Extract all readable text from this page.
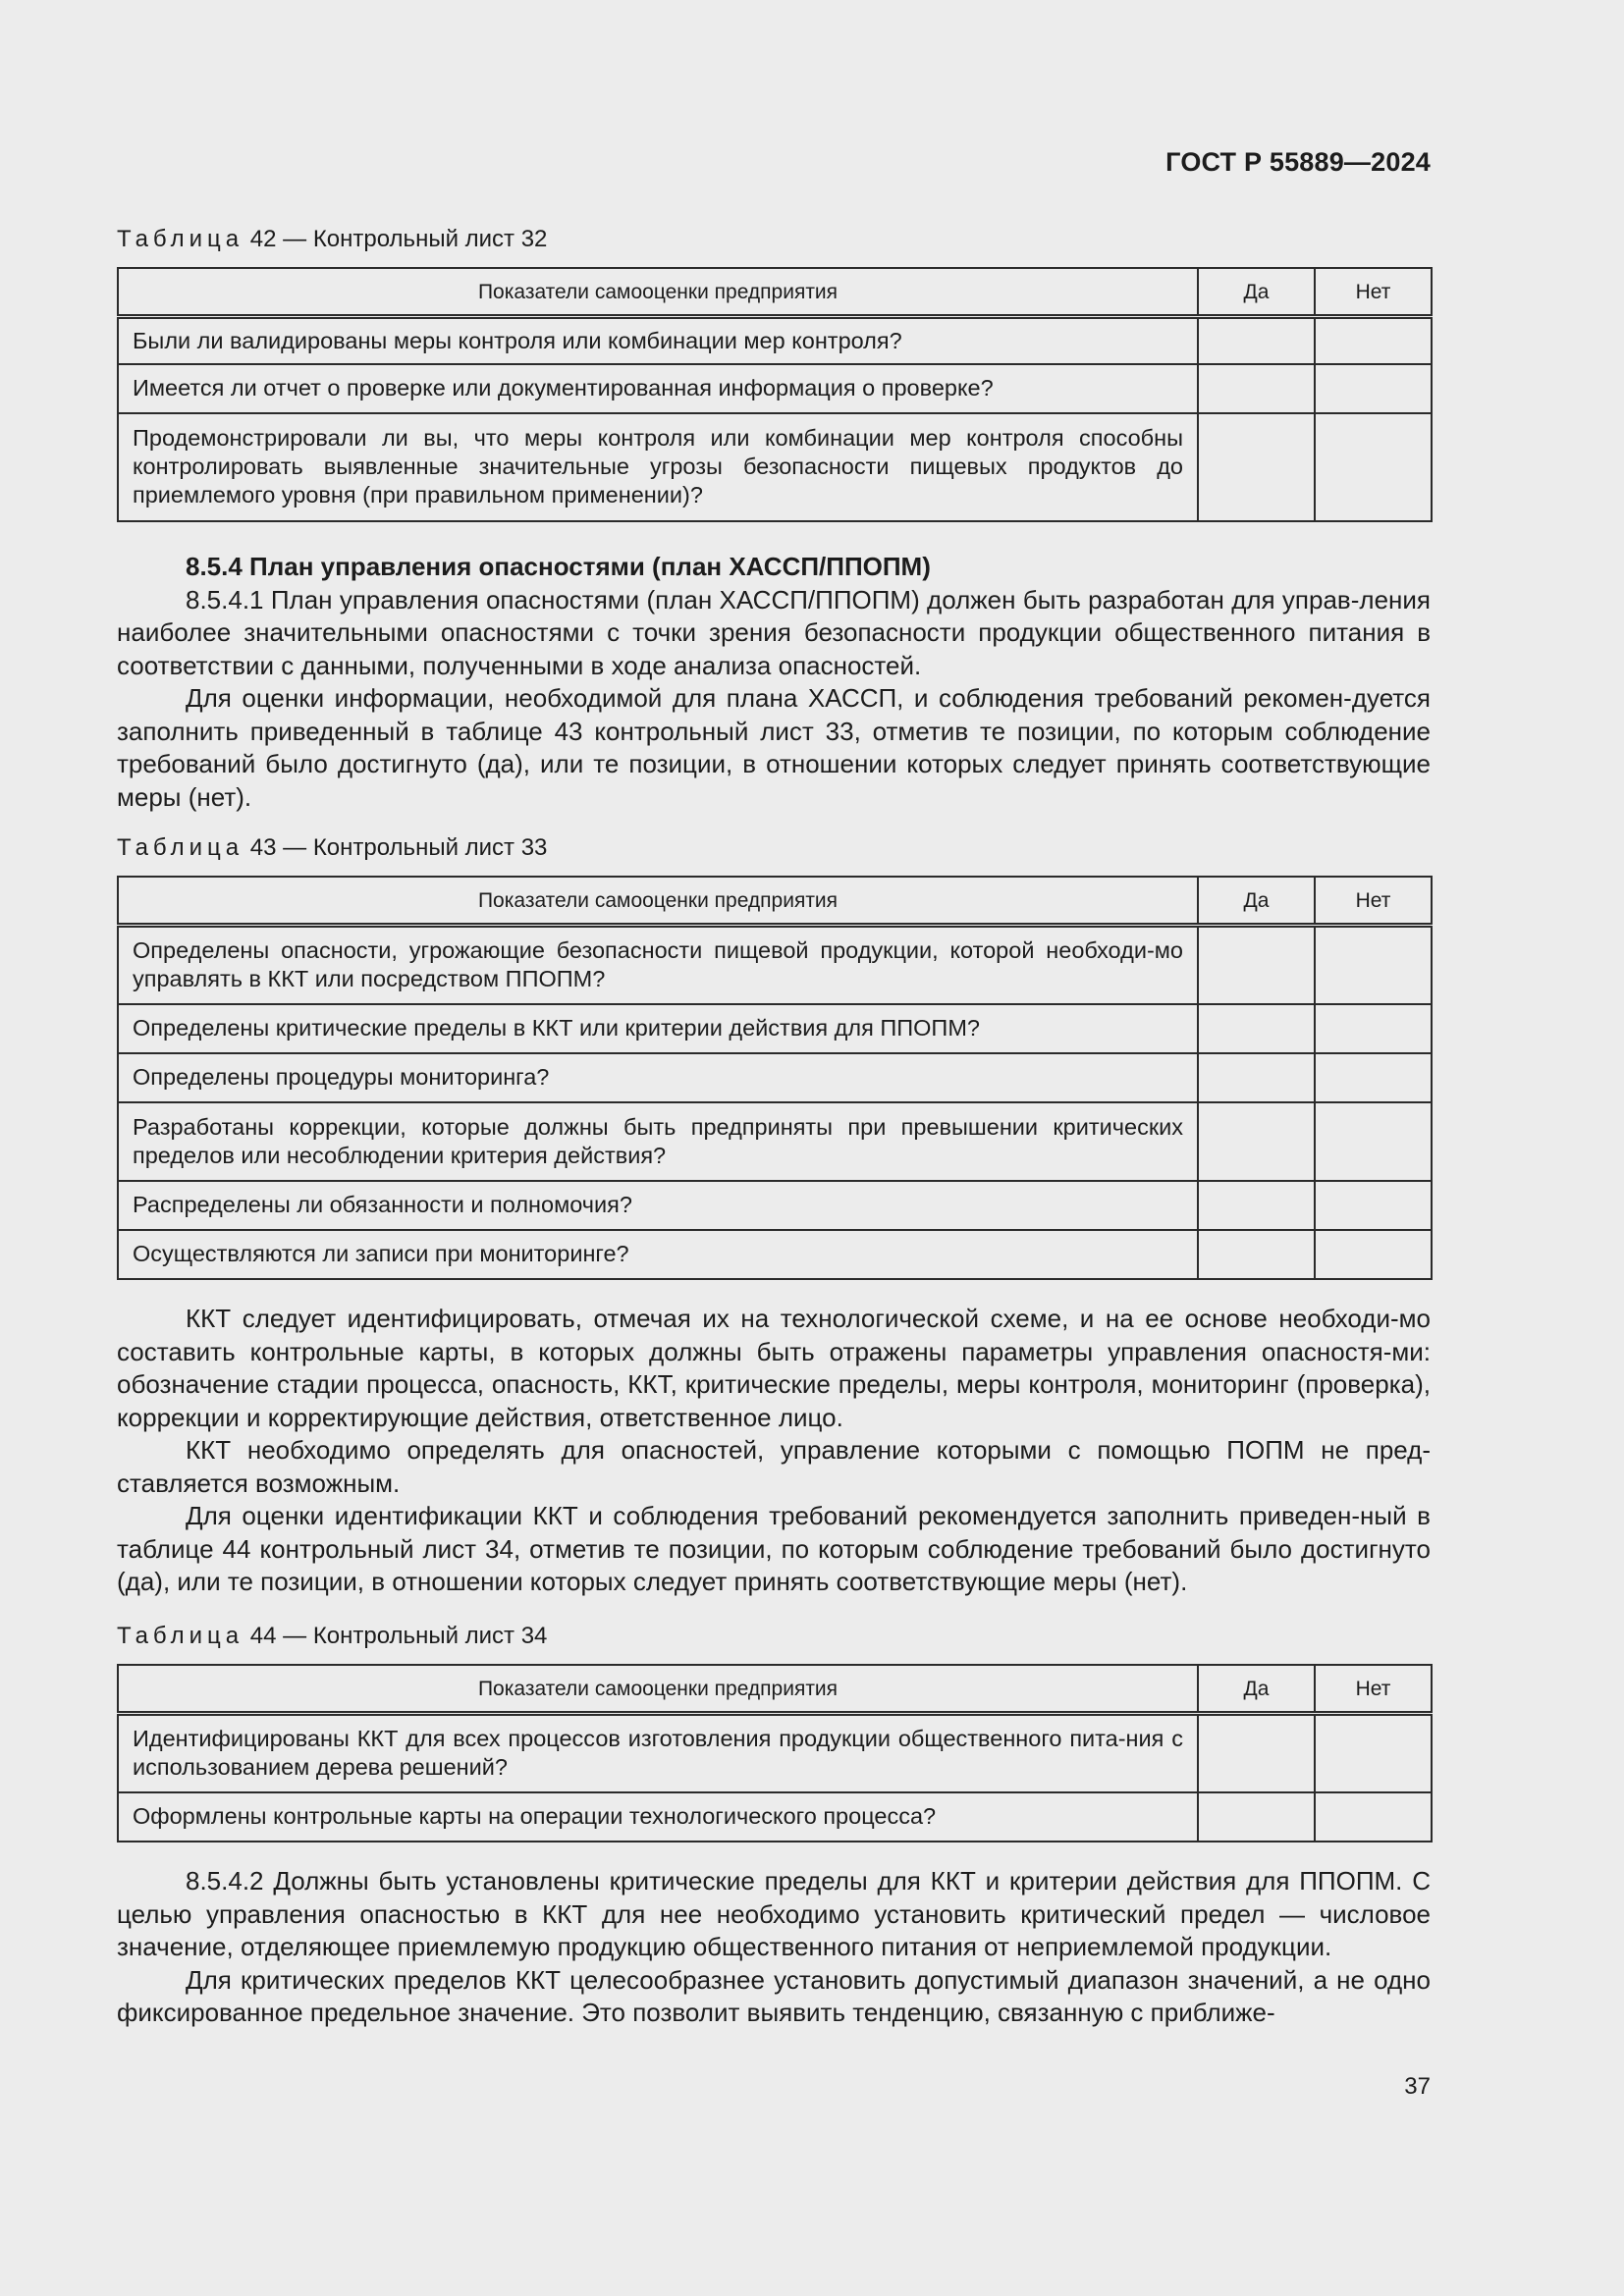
ГОСТ Р 55889—2024
Таблица 42 — Контрольный лист 32
Показатели самооценки предприятия	Да	Нет
Были ли валидированы меры контроля или комбинации мер контроля?		
Имеется ли отчет о проверке или документированная информация о проверке?		
Продемонстрировали ли вы, что меры контроля или комбинации мер контроля способны контролировать выявленные значительные угрозы безопасности пищевых продуктов до приемлемого уровня (при правильном применении)?		

8.5.4 План управления опасностями (план ХАССП/ППОПМ)

8.5.4.1 План управления опасностями (план ХАССП/ППОПМ) должен быть разработан для управ-ления наиболее значительными опасностями с точки зрения безопасности продукции общественного питания в соответствии с данными, полученными в ходе анализа опасностей.

Для оценки информации, необходимой для плана ХАССП, и соблюдения требований рекомен-дуется заполнить приведенный в таблице 43 контрольный лист 33, отметив те позиции, по которым соблюдение требований было достигнуто (да), или те позиции, в отношении которых следует принять соответствующие меры (нет).

Таблица 43 — Контрольный лист 33
Показатели самооценки предприятия	Да	Нет
Определены опасности, угрожающие безопасности пищевой продукции, которой необходи-мо управлять в ККТ или посредством ППОПМ?		
Определены критические пределы в ККТ или критерии действия для ППОПМ?		
Определены процедуры мониторинга?		
Разработаны коррекции, которые должны быть предприняты при превышении критических пределов или несоблюдении критерия действия?		
Распределены ли обязанности и полномочия?		
Осуществляются ли записи при мониторинге?		

ККТ следует идентифицировать, отмечая их на технологической схеме, и на ее основе необходи-мо составить контрольные карты, в которых должны быть отражены параметры управления опасностя-ми: обозначение стадии процесса, опасность, ККТ, критические пределы, меры контроля, мониторинг (проверка), коррекции и корректирующие действия, ответственное лицо.

ККТ необходимо определять для опасностей, управление которыми с помощью ПОПМ не пред-ставляется возможным.

Для оценки идентификации ККТ и соблюдения требований рекомендуется заполнить приведен-ный в таблице 44 контрольный лист 34, отметив те позиции, по которым соблюдение требований было достигнуто (да), или те позиции, в отношении которых следует принять соответствующие меры (нет).

Таблица 44 — Контрольный лист 34
Показатели самооценки предприятия	Да	Нет
Идентифицированы ККТ для всех процессов изготовления продукции общественного пита-ния с использованием дерева решений?		
Оформлены контрольные карты на операции технологического процесса?		

8.5.4.2 Должны быть установлены критические пределы для ККТ и критерии действия для ППОПМ. С целью управления опасностью в ККТ для нее необходимо установить критический предел — числовое значение, отделяющее приемлемую продукцию общественного питания от неприемлемой продукции.

Для критических пределов ККТ целесообразнее установить допустимый диапазон значений, а не одно фиксированное предельное значение. Это позволит выявить тенденцию, связанную с приближе-

37
